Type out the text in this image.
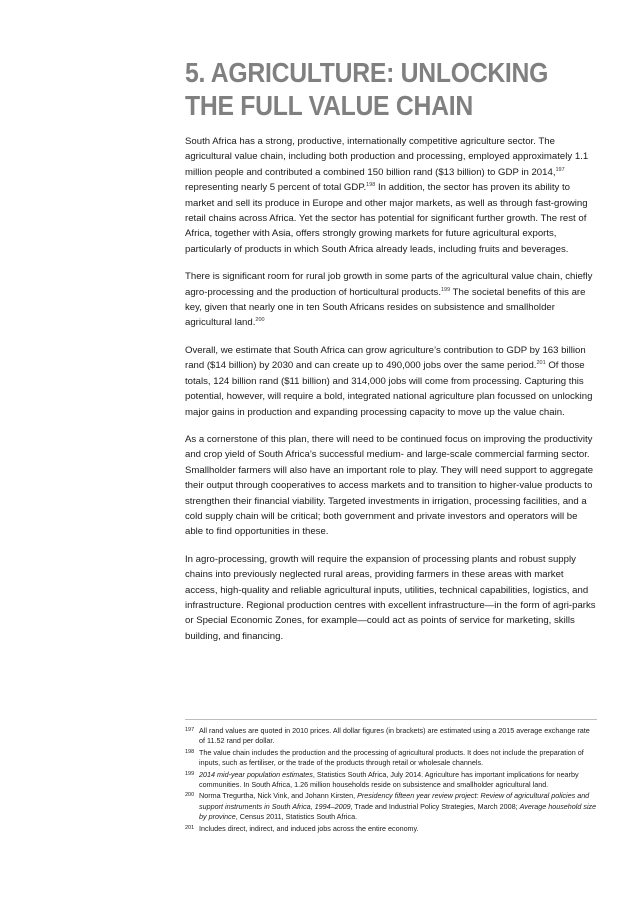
5. AGRICULTURE: UNLOCKING
THE FULL VALUE CHAIN

South Africa has a strong, productive, internationally competitive agriculture sector. The agricultural value chain, including both production and processing, employed approximately 1.1 million people and contributed a combined 150 billion rand ($13 billion) to GDP in 2014,$^{197}$ representing nearly 5 percent of total GDP.$^{198}$ In addition, the sector has proven its ability to market and sell its produce in Europe and other major markets, as well as through fast-growing retail chains across Africa. Yet the sector has potential for significant further growth. The rest of Africa, together with Asia, offers strongly growing markets for future agricultural exports, particularly of products in which South Africa already leads, including fruits and beverages.

There is significant room for rural job growth in some parts of the agricultural value chain, chiefly agro-processing and the production of horticultural products.$^{199}$ The societal benefits of this are key, given that nearly one in ten South Africans resides on subsistence and smallholder agricultural land.$^{200}$

Overall, we estimate that South Africa can grow agriculture’s contribution to GDP by 163 billion rand ($14 billion) by 2030 and can create up to 490,000 jobs over the same period.$^{201}$ Of those totals, 124 billion rand ($11 billion) and 314,000 jobs will come from processing. Capturing this potential, however, will require a bold, integrated national agriculture plan focussed on unlocking major gains in production and expanding processing capacity to move up the value chain.

As a cornerstone of this plan, there will need to be continued focus on improving the productivity and crop yield of South Africa’s successful medium- and large-scale commercial farming sector. Smallholder farmers will also have an important role to play. They will need support to aggregate their output through cooperatives to access markets and to transition to higher-value products to strengthen their financial viability. Targeted investments in irrigation, processing facilities, and a cold supply chain will be critical; both government and private investors and operators will be able to find opportunities in these.

In agro-processing, growth will require the expansion of processing plants and robust supply chains into previously neglected rural areas, providing farmers in these areas with market access, high-quality and reliable agricultural inputs, utilities, technical capabilities, logistics, and infrastructure. Regional production centres with excellent infrastructure—in the form of agri-parks or Special Economic Zones, for example—could act as points of service for marketing, skills building, and financing.

197 All rand values are quoted in 2010 prices. All dollar figures (in brackets) are estimated using a 2015 average exchange rate of 11.52 rand per dollar.
198 The value chain includes the production and the processing of agricultural products. It does not include the preparation of inputs, such as fertiliser, or the trade of the products through retail or wholesale channels.
199 2014 mid-year population estimates, Statistics South Africa, July 2014. Agriculture has important implications for nearby communities. In South Africa, 1.26 million households reside on subsistence and smallholder agricultural land.
200 Norma Tregurtha, Nick Vink, and Johann Kirsten, Presidency fifteen year review project: Review of agricultural policies and support instruments in South Africa, 1994–2009, Trade and Industrial Policy Strategies, March 2008; Average household size by province, Census 2011, Statistics South Africa.
201 Includes direct, indirect, and induced jobs across the entire economy.
